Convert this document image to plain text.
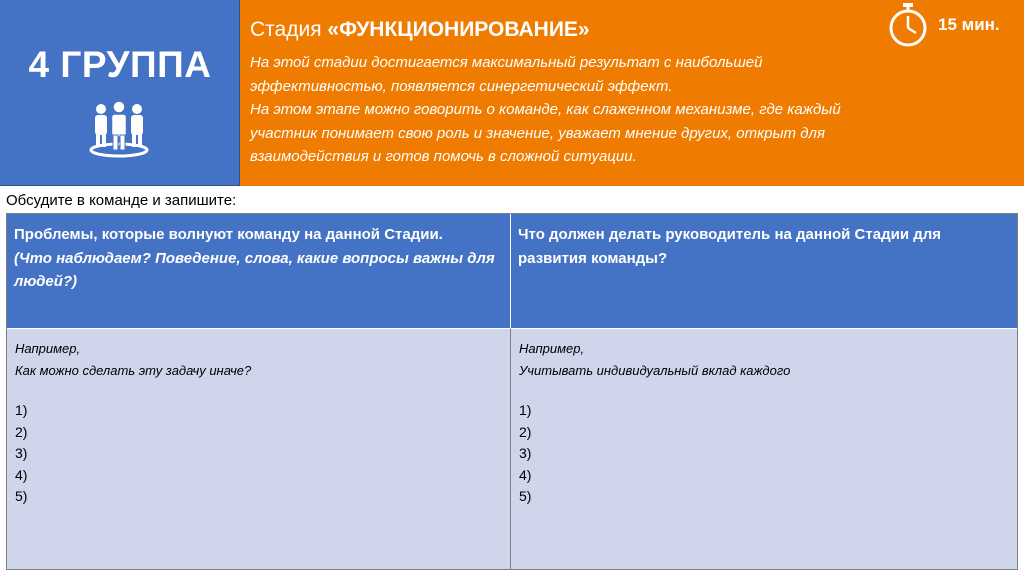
4 ГРУППА
Стадия «ФУНКЦИОНИРОВАНИЕ»

На этой стадии достигается максимальный результат с наибольшей
эффективностью, появляется синергетический эффект.
На этом этапе можно говорить о команде, как слаженном механизме, где каждый
участник понимает свою роль и значение, уважает мнение других, открыт для
взаимодействия и готов помочь в сложной ситуации.

15 мин.
Обсудите в команде и запишите:
Проблемы, которые волнуют команду на данной Стадии.
(Что наблюдаем? Поведение, слова, какие вопросы важны для людей?)
Что должен делать руководитель на данной Стадии для развития команды?
Например,
Как можно сделать эту задачу иначе?
1)
2)
3)
4)
5)
Например,
Учитывать индивидуальный вклад каждого
1)
2)
3)
4)
5)
